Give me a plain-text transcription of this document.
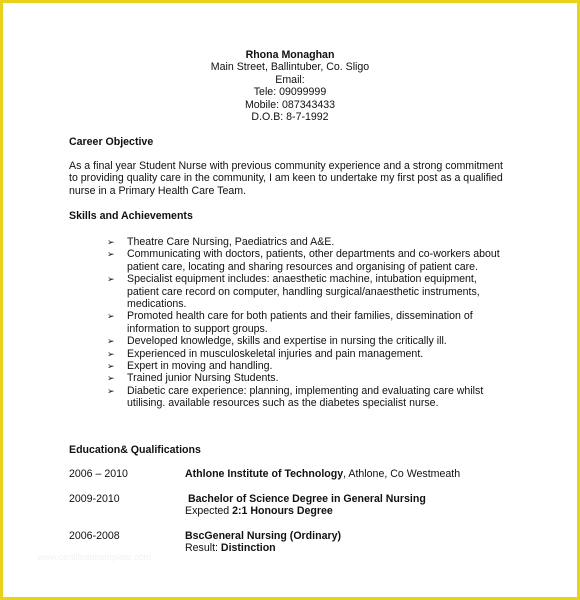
Rhona Monaghan
Main Street, Ballintuber, Co. Sligo
Email:
Tele: 09099999
Mobile: 087343433
D.O.B: 8-7-1992
Career Objective
As a final year Student Nurse with previous community experience and a strong commitment
to providing quality care in the community, I am keen to undertake my first post as a qualified
nurse in a Primary Health Care Team.
Skills and Achievements
➢ Theatre Care Nursing, Paediatrics and A&E.
➢ Communicating with doctors, patients, other departments and co-workers about
patient care, locating and sharing resources and organising of patient care.
➢ Specialist equipment includes: anaesthetic machine, intubation equipment,
patient care record on computer, handling surgical/anaesthetic instruments,
medications.
➢ Promoted health care for both patients and their families, dissemination of
information to support groups.
➢ Developed knowledge, skills and expertise in nursing the critically ill.
➢ Experienced in musculoskeletal injuries and pain management.
➢ Expert in moving and handling.
➢ Trained junior Nursing Students.
➢ Diabetic care experience: planning, implementing and evaluating care whilst
utilising. available resources such as the diabetes specialist nurse.
Education& Qualifications
2006 – 2010	Athlone Institute of Technology, Athlone, Co Westmeath
2009-2010	Bachelor of Science Degree in General Nursing
Expected 2:1 Honours Degree
2006-2008	BscGeneral Nursing (Ordinary)
Result: Distinction
www.certificatetemplate.com
